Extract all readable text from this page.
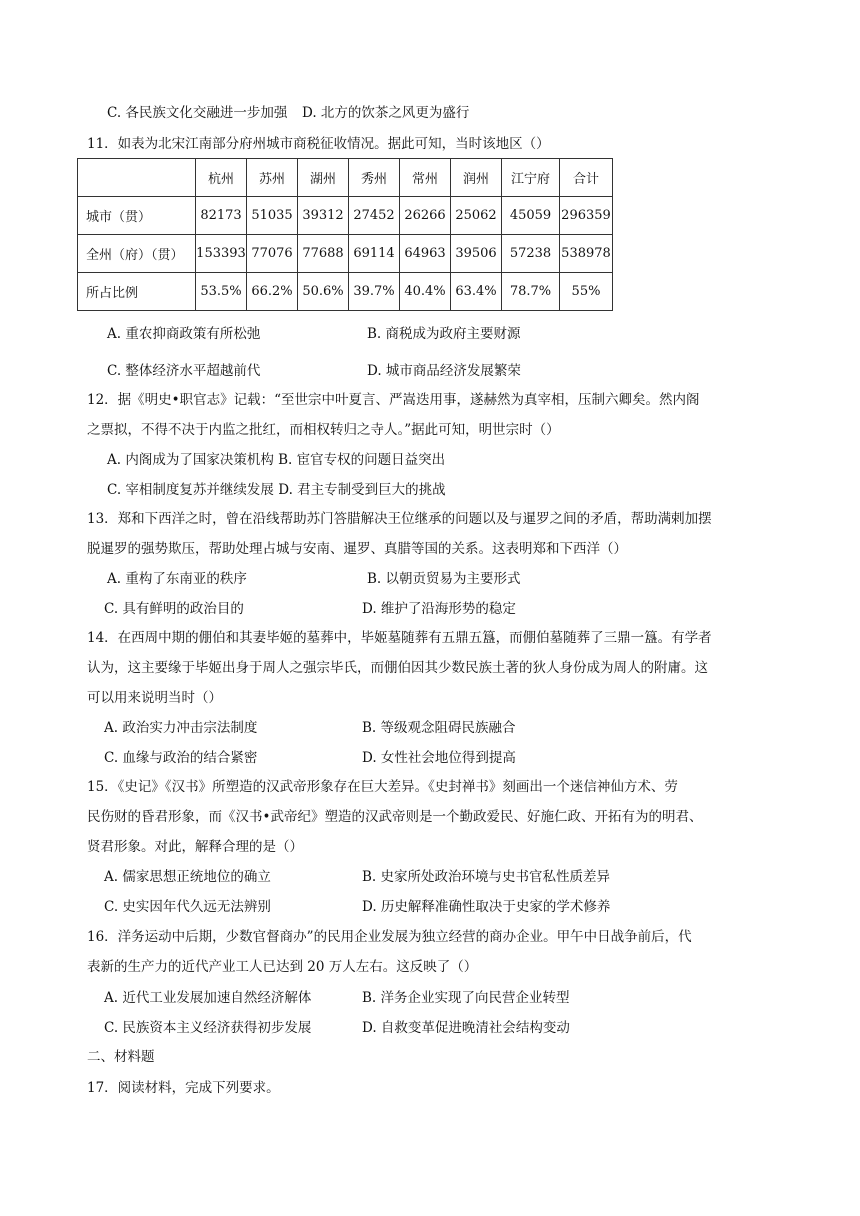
C. 各民族文化交融进一步加强 D. 北方的饮茶之风更为盛行
11．如表为北宋江南部分府州城市商税征收情况。据此可知，当时该地区（）
	杭州	苏州	湖州	秀州	常州	润州	江宁府	合计
城市（贯）	82173	51035	39312	27452	26266	25062	45059	296359
全州（府）（贯）	153393	77076	77688	69114	64963	39506	57238	538978
所占比例	53.5%	66.2%	50.6%	39.7%	40.4%	63.4%	78.7%	55%
A. 重农抑商政策有所松弛	B. 商税成为政府主要财源
C. 整体经济水平超越前代	D. 城市商品经济发展繁荣
12．据《明史•职官志》记载：“至世宗中叶夏言、严嵩迭用事，遂赫然为真宰相，压制六卿矣。然内阁
之票拟，不得不决于内监之批红，而相权转归之寺人。”据此可知，明世宗时（）
A. 内阁成为了国家决策机构 B. 宦官专权的问题日益突出
C. 宰相制度复苏并继续发展 D. 君主专制受到巨大的挑战
13．郑和下西洋之时，曾在沿线帮助苏门答腊解决王位继承的问题以及与暹罗之间的矛盾，帮助满剌加摆
脱暹罗的强势欺压，帮助处理占城与安南、暹罗、真腊等国的关系。这表明郑和下西洋（）
A. 重构了东南亚的秩序	B. 以朝贡贸易为主要形式
C. 具有鲜明的政治目的	D. 维护了沿海形势的稳定
14．在西周中期的倗伯和其妻毕姬的墓葬中，毕姬墓随葬有五鼎五簋，而倗伯墓随葬了三鼎一簋。有学者
认为，这主要缘于毕姬出身于周人之强宗毕氏，而倗伯因其少数民族土著的狄人身份成为周人的附庸。这
可以用来说明当时（）
A. 政治实力冲击宗法制度	B. 等级观念阻碍民族融合
C. 血缘与政治的结合紧密	D. 女性社会地位得到提高
15．《史记》《汉书》所塑造的汉武帝形象存在巨大差异。《史封禅书》刻画出一个迷信神仙方术、劳
民伤财的昏君形象，而《汉书•武帝纪》塑造的汉武帝则是一个勤政爱民、好施仁政、开拓有为的明君、
贤君形象。对此，解释合理的是（）
A. 儒家思想正统地位的确立	B. 史家所处政治环境与史书官私性质差异
C. 史实因年代久远无法辨别	D. 历史解释准确性取决于史家的学术修养
16．洋务运动中后期，少数官督商办”的民用企业发展为独立经营的商办企业。甲午中日战争前后，代
表新的生产力的近代产业工人已达到 20 万人左右。这反映了（）
A. 近代工业发展加速自然经济解体	B. 洋务企业实现了向民营企业转型
C. 民族资本主义经济获得初步发展	D. 自救变革促进晚清社会结构变动
二、材料题
17．阅读材料，完成下列要求。
